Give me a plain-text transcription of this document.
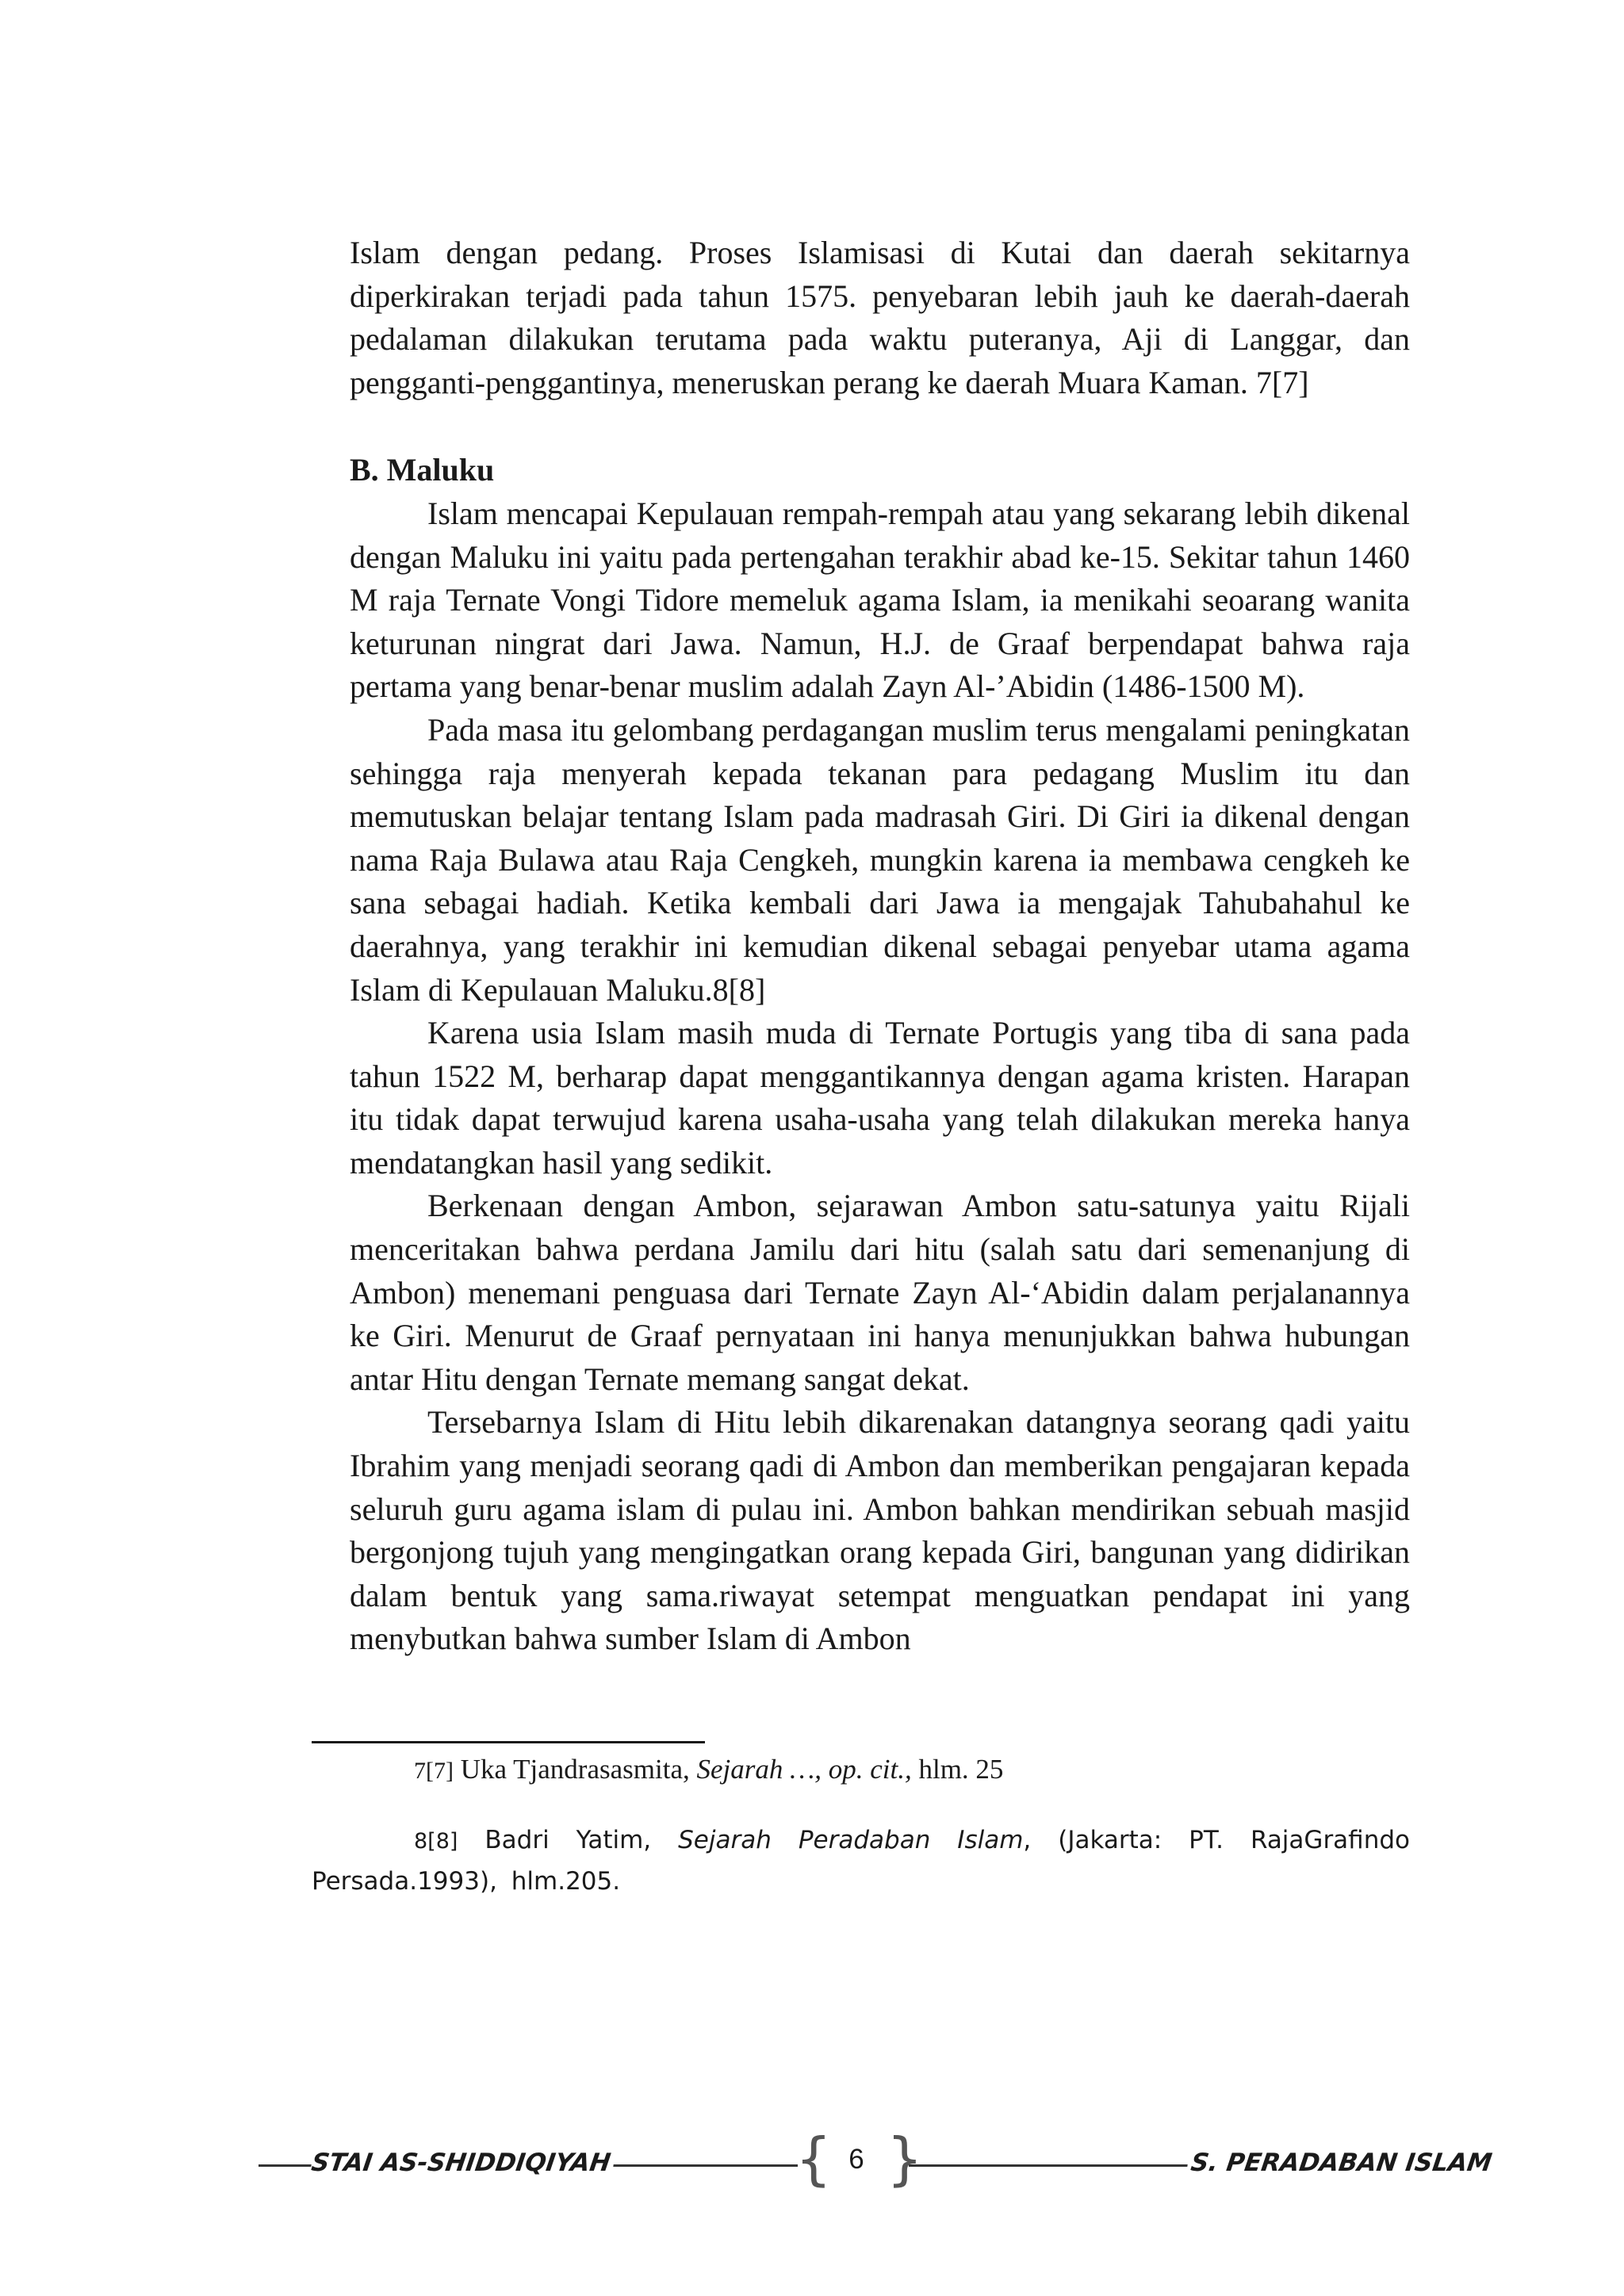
Islam dengan pedang. Proses Islamisasi di Kutai dan daerah sekitarnya diperkirakan terjadi pada tahun 1575. penyebaran lebih jauh ke daerah-daerah pedalaman dilakukan terutama pada waktu puteranya, Aji di Langgar, dan pengganti-penggantinya, meneruskan perang ke daerah Muara Kaman. 7[7]

B. Maluku

Islam mencapai Kepulauan rempah-rempah atau yang sekarang lebih dikenal dengan Maluku ini yaitu pada pertengahan terakhir abad ke-15. Sekitar tahun 1460 M raja Ternate Vongi Tidore memeluk agama Islam, ia menikahi seoarang wanita keturunan ningrat dari Jawa. Namun, H.J. de Graaf berpendapat bahwa raja pertama yang benar-benar muslim adalah Zayn Al-’Abidin (1486-1500 M).

Pada masa itu gelombang perdagangan muslim terus mengalami peningkatan sehingga raja menyerah kepada tekanan para pedagang Muslim itu dan memutuskan belajar tentang Islam pada madrasah Giri. Di Giri ia dikenal dengan nama Raja Bulawa atau Raja Cengkeh, mungkin karena ia membawa cengkeh ke sana sebagai hadiah. Ketika kembali dari Jawa ia mengajak Tahubahahul ke daerahnya, yang terakhir ini kemudian dikenal sebagai penyebar utama agama Islam di Kepulauan Maluku.8[8]

Karena usia Islam masih muda di Ternate Portugis yang tiba di sana pada tahun 1522 M, berharap dapat menggantikannya dengan agama kristen. Harapan itu tidak dapat terwujud karena usaha-usaha yang telah dilakukan mereka hanya mendatangkan hasil yang sedikit.

Berkenaan dengan Ambon, sejarawan Ambon satu-satunya yaitu Rijali menceritakan bahwa perdana Jamilu dari hitu (salah satu dari semenanjung di Ambon) menemani penguasa dari Ternate Zayn Al-‘Abidin dalam perjalanannya ke Giri. Menurut de Graaf pernyataan ini hanya menunjukkan bahwa hubungan antar Hitu dengan Ternate memang sangat dekat.

Tersebarnya Islam di Hitu lebih dikarenakan datangnya seorang qadi yaitu Ibrahim yang menjadi seorang qadi di Ambon dan memberikan pengajaran kepada seluruh guru agama islam di pulau ini. Ambon bahkan mendirikan sebuah masjid bergonjong tujuh yang mengingatkan orang kepada Giri, bangunan yang didirikan dalam bentuk yang sama.riwayat setempat menguatkan pendapat ini yang menybutkan bahwa sumber Islam di Ambon

7[7] Uka Tjandrasasmita, Sejarah …, op. cit., hlm. 25
8[8] Badri Yatim, Sejarah Peradaban Islam, (Jakarta: PT. RajaGrafindo Persada.1993), hlm.205.
STAI AS-SHIDDIQIYAH	{ 6 }	S. PERADABAN ISLAM
